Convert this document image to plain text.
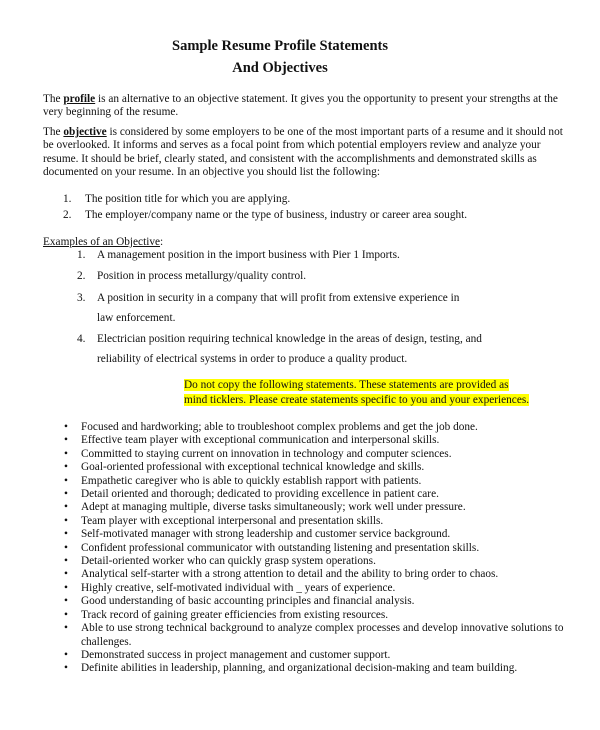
Sample Resume Profile Statements
And Objectives
The profile is an alternative to an objective statement. It gives you the opportunity to present your strengths at the very beginning of the resume.
The objective is considered by some employers to be one of the most important parts of a resume and it should not be overlooked. It informs and serves as a focal point from which potential employers review and analyze your resume. It should be brief, clearly stated, and consistent with the accomplishments and demonstrated skills as documented on your resume. In an objective you should list the following:
1. The position title for which you are applying.
2. The employer/company name or the type of business, industry or career area sought.
Examples of an Objective:
1. A management position in the import business with Pier 1 Imports.
2. Position in process metallurgy/quality control.
3. A position in security in a company that will profit from extensive experience in
law enforcement.
4. Electrician position requiring technical knowledge in the areas of design, testing, and
reliability of electrical systems in order to produce a quality product.
Do not copy the following statements. These statements are provided as
mind ticklers. Please create statements specific to you and your experiences.
• Focused and hardworking; able to troubleshoot complex problems and get the job done.
• Effective team player with exceptional communication and interpersonal skills.
• Committed to staying current on innovation in technology and computer sciences.
• Goal-oriented professional with exceptional technical knowledge and skills.
• Empathetic caregiver who is able to quickly establish rapport with patients.
• Detail oriented and thorough; dedicated to providing excellence in patient care.
• Adept at managing multiple, diverse tasks simultaneously; work well under pressure.
• Team player with exceptional interpersonal and presentation skills.
• Self-motivated manager with strong leadership and customer service background.
• Confident professional communicator with outstanding listening and presentation skills.
• Detail-oriented worker who can quickly grasp system operations.
• Analytical self-starter with a strong attention to detail and the ability to bring order to chaos.
• Highly creative, self-motivated individual with _ years of experience.
• Good understanding of basic accounting principles and financial analysis.
• Track record of gaining greater efficiencies from existing resources.
• Able to use strong technical background to analyze complex processes and develop innovative solutions to challenges.
• Demonstrated success in project management and customer support.
• Definite abilities in leadership, planning, and organizational decision-making and team building.
